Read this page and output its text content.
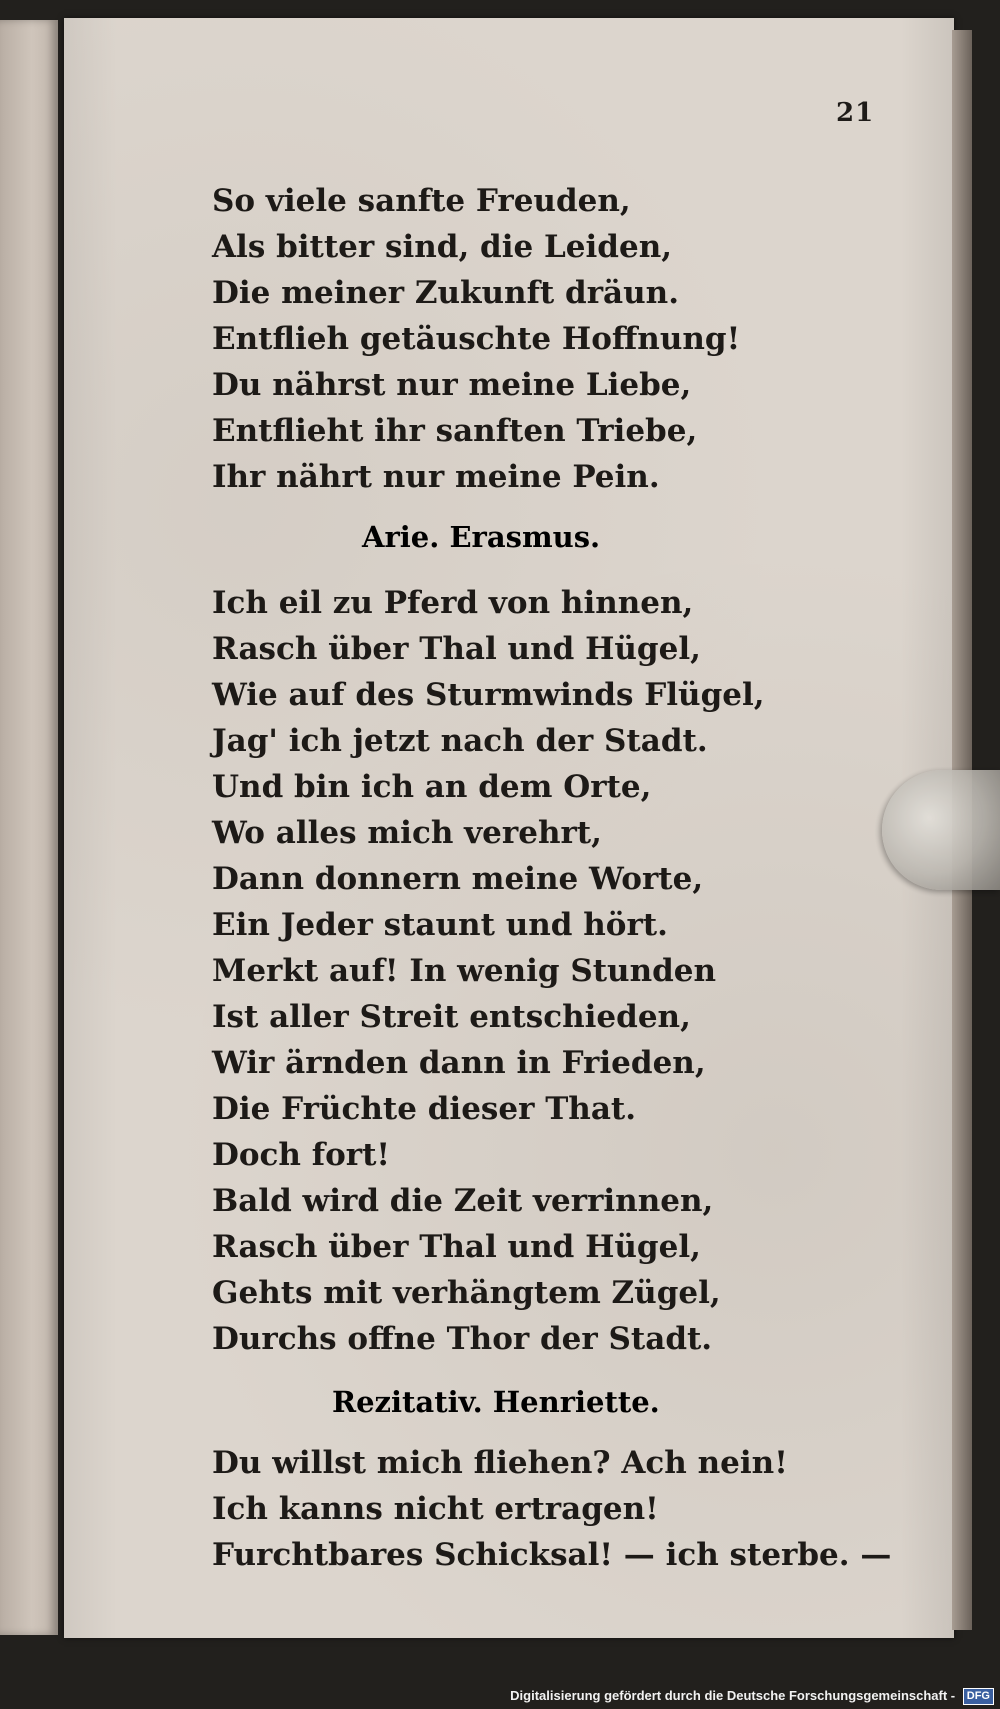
21
So viele sanfte Freuden,
Als bitter sind, die Leiden,
Die meiner Zukunft dräun.
Entflieh getäuschte Hoffnung!
Du nährst nur meine Liebe,
Entflieht ihr sanften Triebe,
Ihr nährt nur meine Pein.
Arie. Erasmus.
Ich eil zu Pferd von hinnen,
Rasch über Thal und Hügel,
Wie auf des Sturmwinds Flügel,
Jag' ich jetzt nach der Stadt.
Und bin ich an dem Orte,
Wo alles mich verehrt,
Dann donnern meine Worte,
Ein Jeder staunt und hört.
Merkt auf! In wenig Stunden
Ist aller Streit entschieden,
Wir ärnden dann in Frieden,
Die Früchte dieser That.
Doch fort!
Bald wird die Zeit verrinnen,
Rasch über Thal und Hügel,
Gehts mit verhängtem Zügel,
Durchs offne Thor der Stadt.
Rezitativ. Henriette.
Du willst mich fliehen? Ach nein!
Ich kanns nicht ertragen!
Furchtbares Schicksal! — ich sterbe. —
Digitalisierung gefördert durch die Deutsche Forschungsgemeinschaft - DFG
